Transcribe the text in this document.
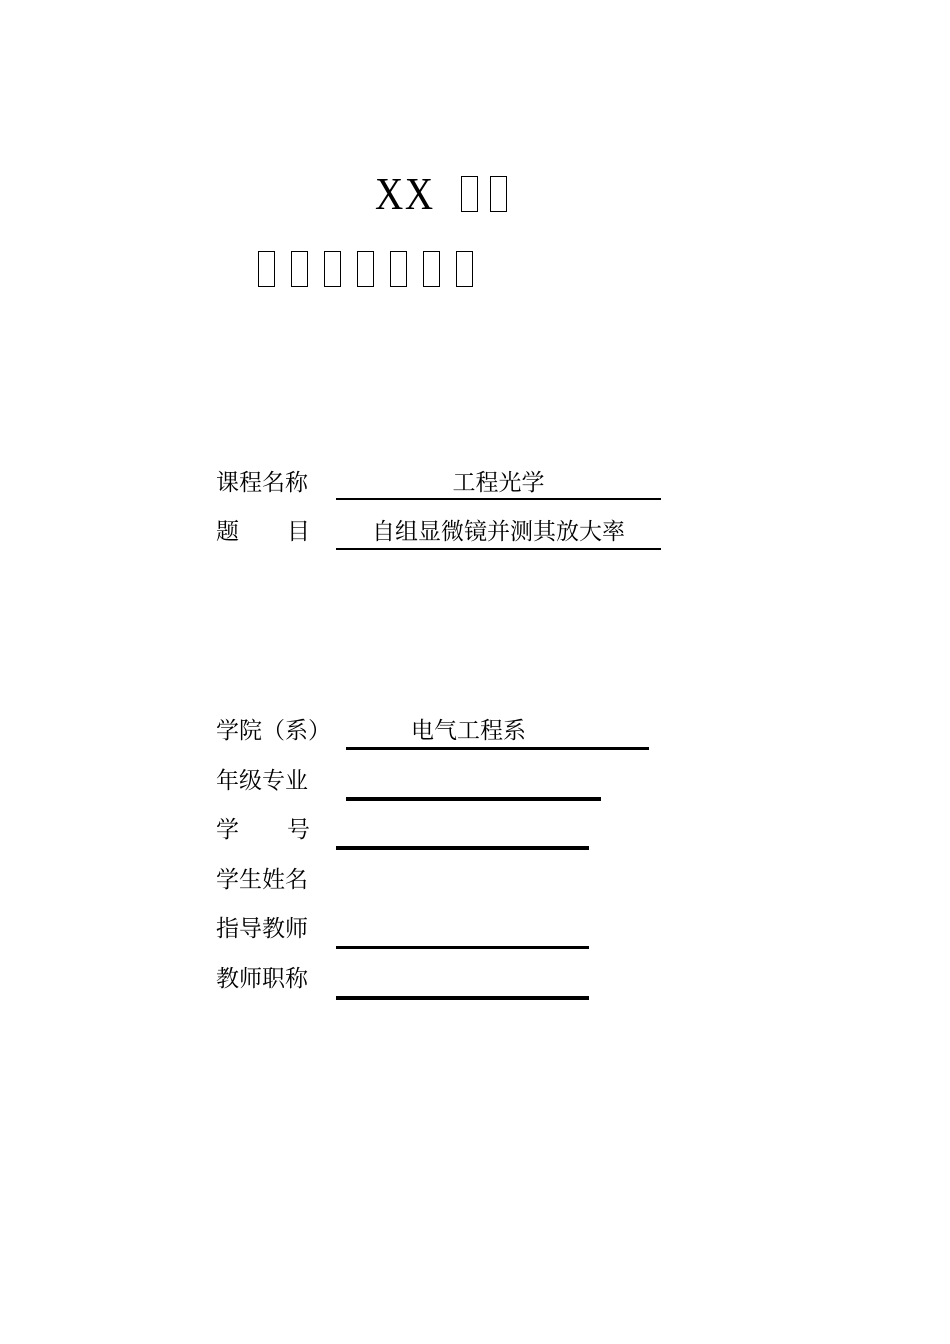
XX
课程名称	工程光学
题 目	自组显微镜并测其放大率
学院（系）	电气工程系
年级专业
学 号
学生姓名
指导教师
教师职称
